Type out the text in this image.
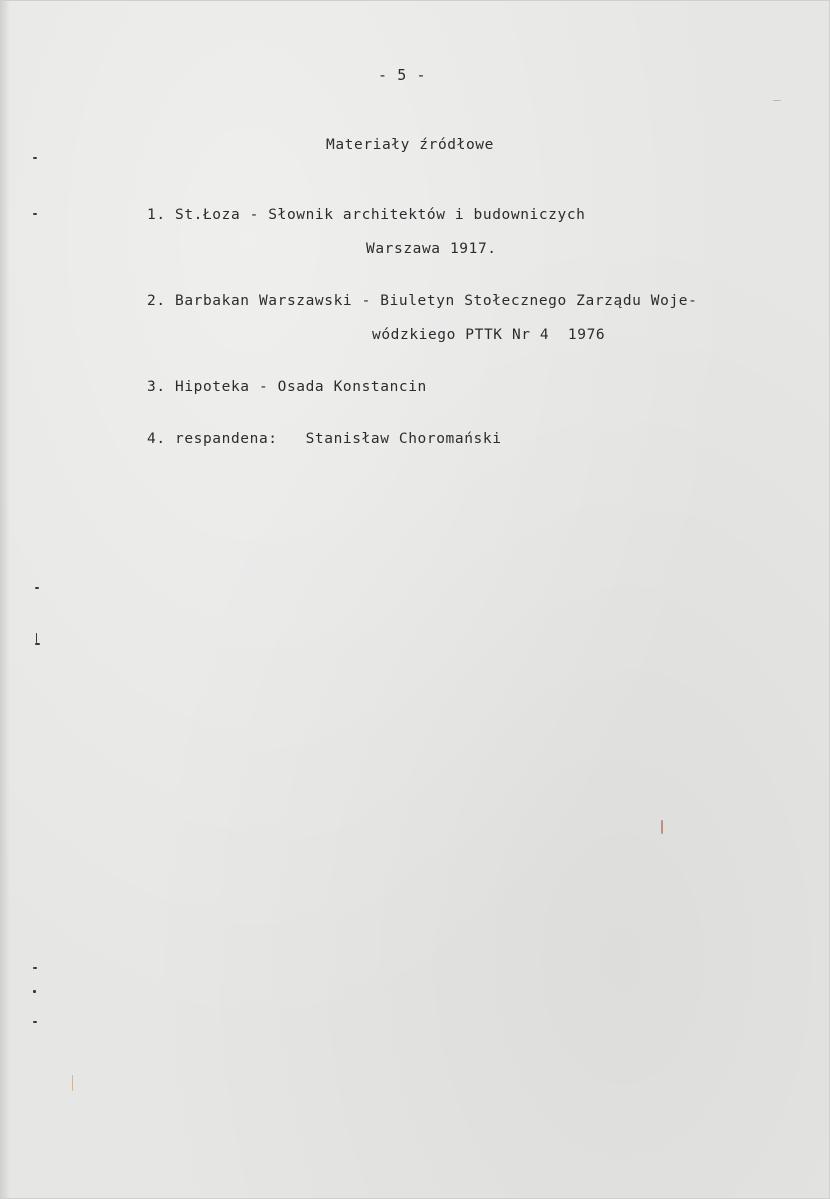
- 5 -
Materiały źródłowe
1. St.Łoza - Słownik architektów i budowniczych
Warszawa 1917.
2. Barbakan Warszawski - Biuletyn Stołecznego Zarządu Woje-
wódzkiego PTTK Nr 4  1976
3. Hipoteka - Osada Konstancin
4. respandena:   Stanisław Choromański
